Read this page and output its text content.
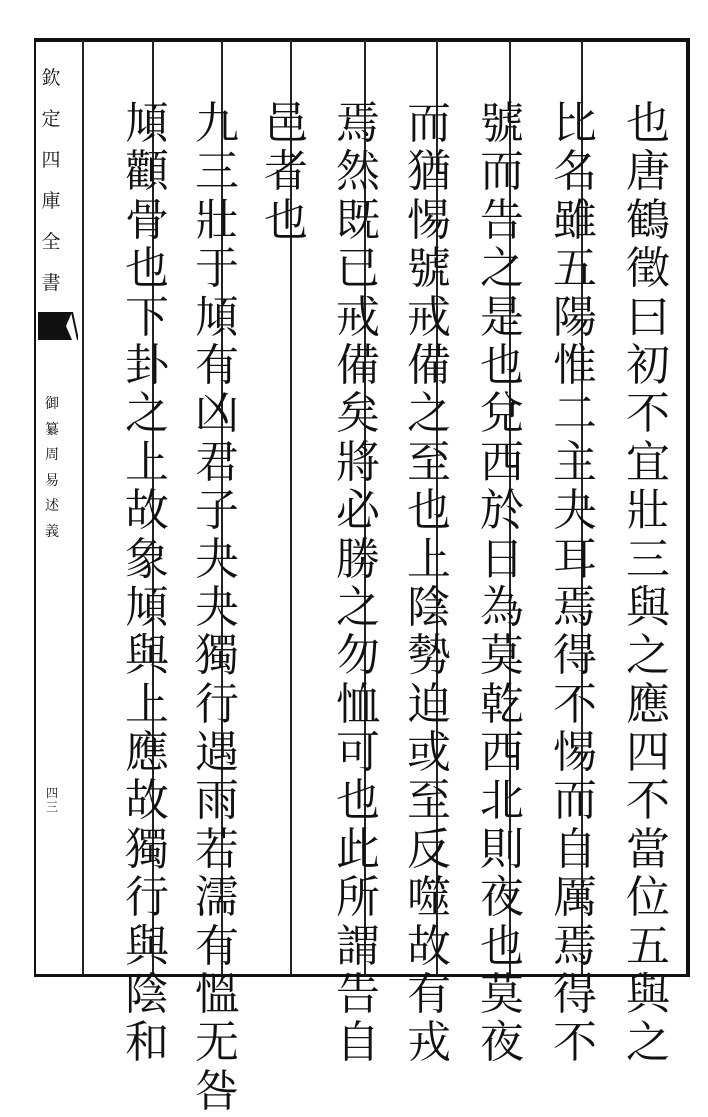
欽
定
四
庫
全
書
御
纂
周
易
述
義
四
三
也
唐
鶴
徵
曰
初
不
宜
壯
三
與
之
應
四
不
當
位
五
與
之
比
名
雖
五
陽
惟
二
主
夬
耳
焉
得
不
惕
而
自
厲
焉
得
不
號
而
告
之
是
也
兌
西
於
日
為
莫
乾
西
北
則
夜
也
莫
夜
而
猶
惕
號
戒
備
之
至
也
上
陰
勢
迫
或
至
反
噬
故
有
戎
焉
然
既
已
戒
備
矣
將
必
勝
之
勿
恤
可
也
此
所
謂
告
自
邑
者
也
九
三
壯
于
頄
有
凶
君
子
夬
夬
獨
行
遇
雨
若
濡
有
慍
无
咎
頄
顴
骨
也
下
卦
之
上
故
象
頄
與
上
應
故
獨
行
與
陰
和
